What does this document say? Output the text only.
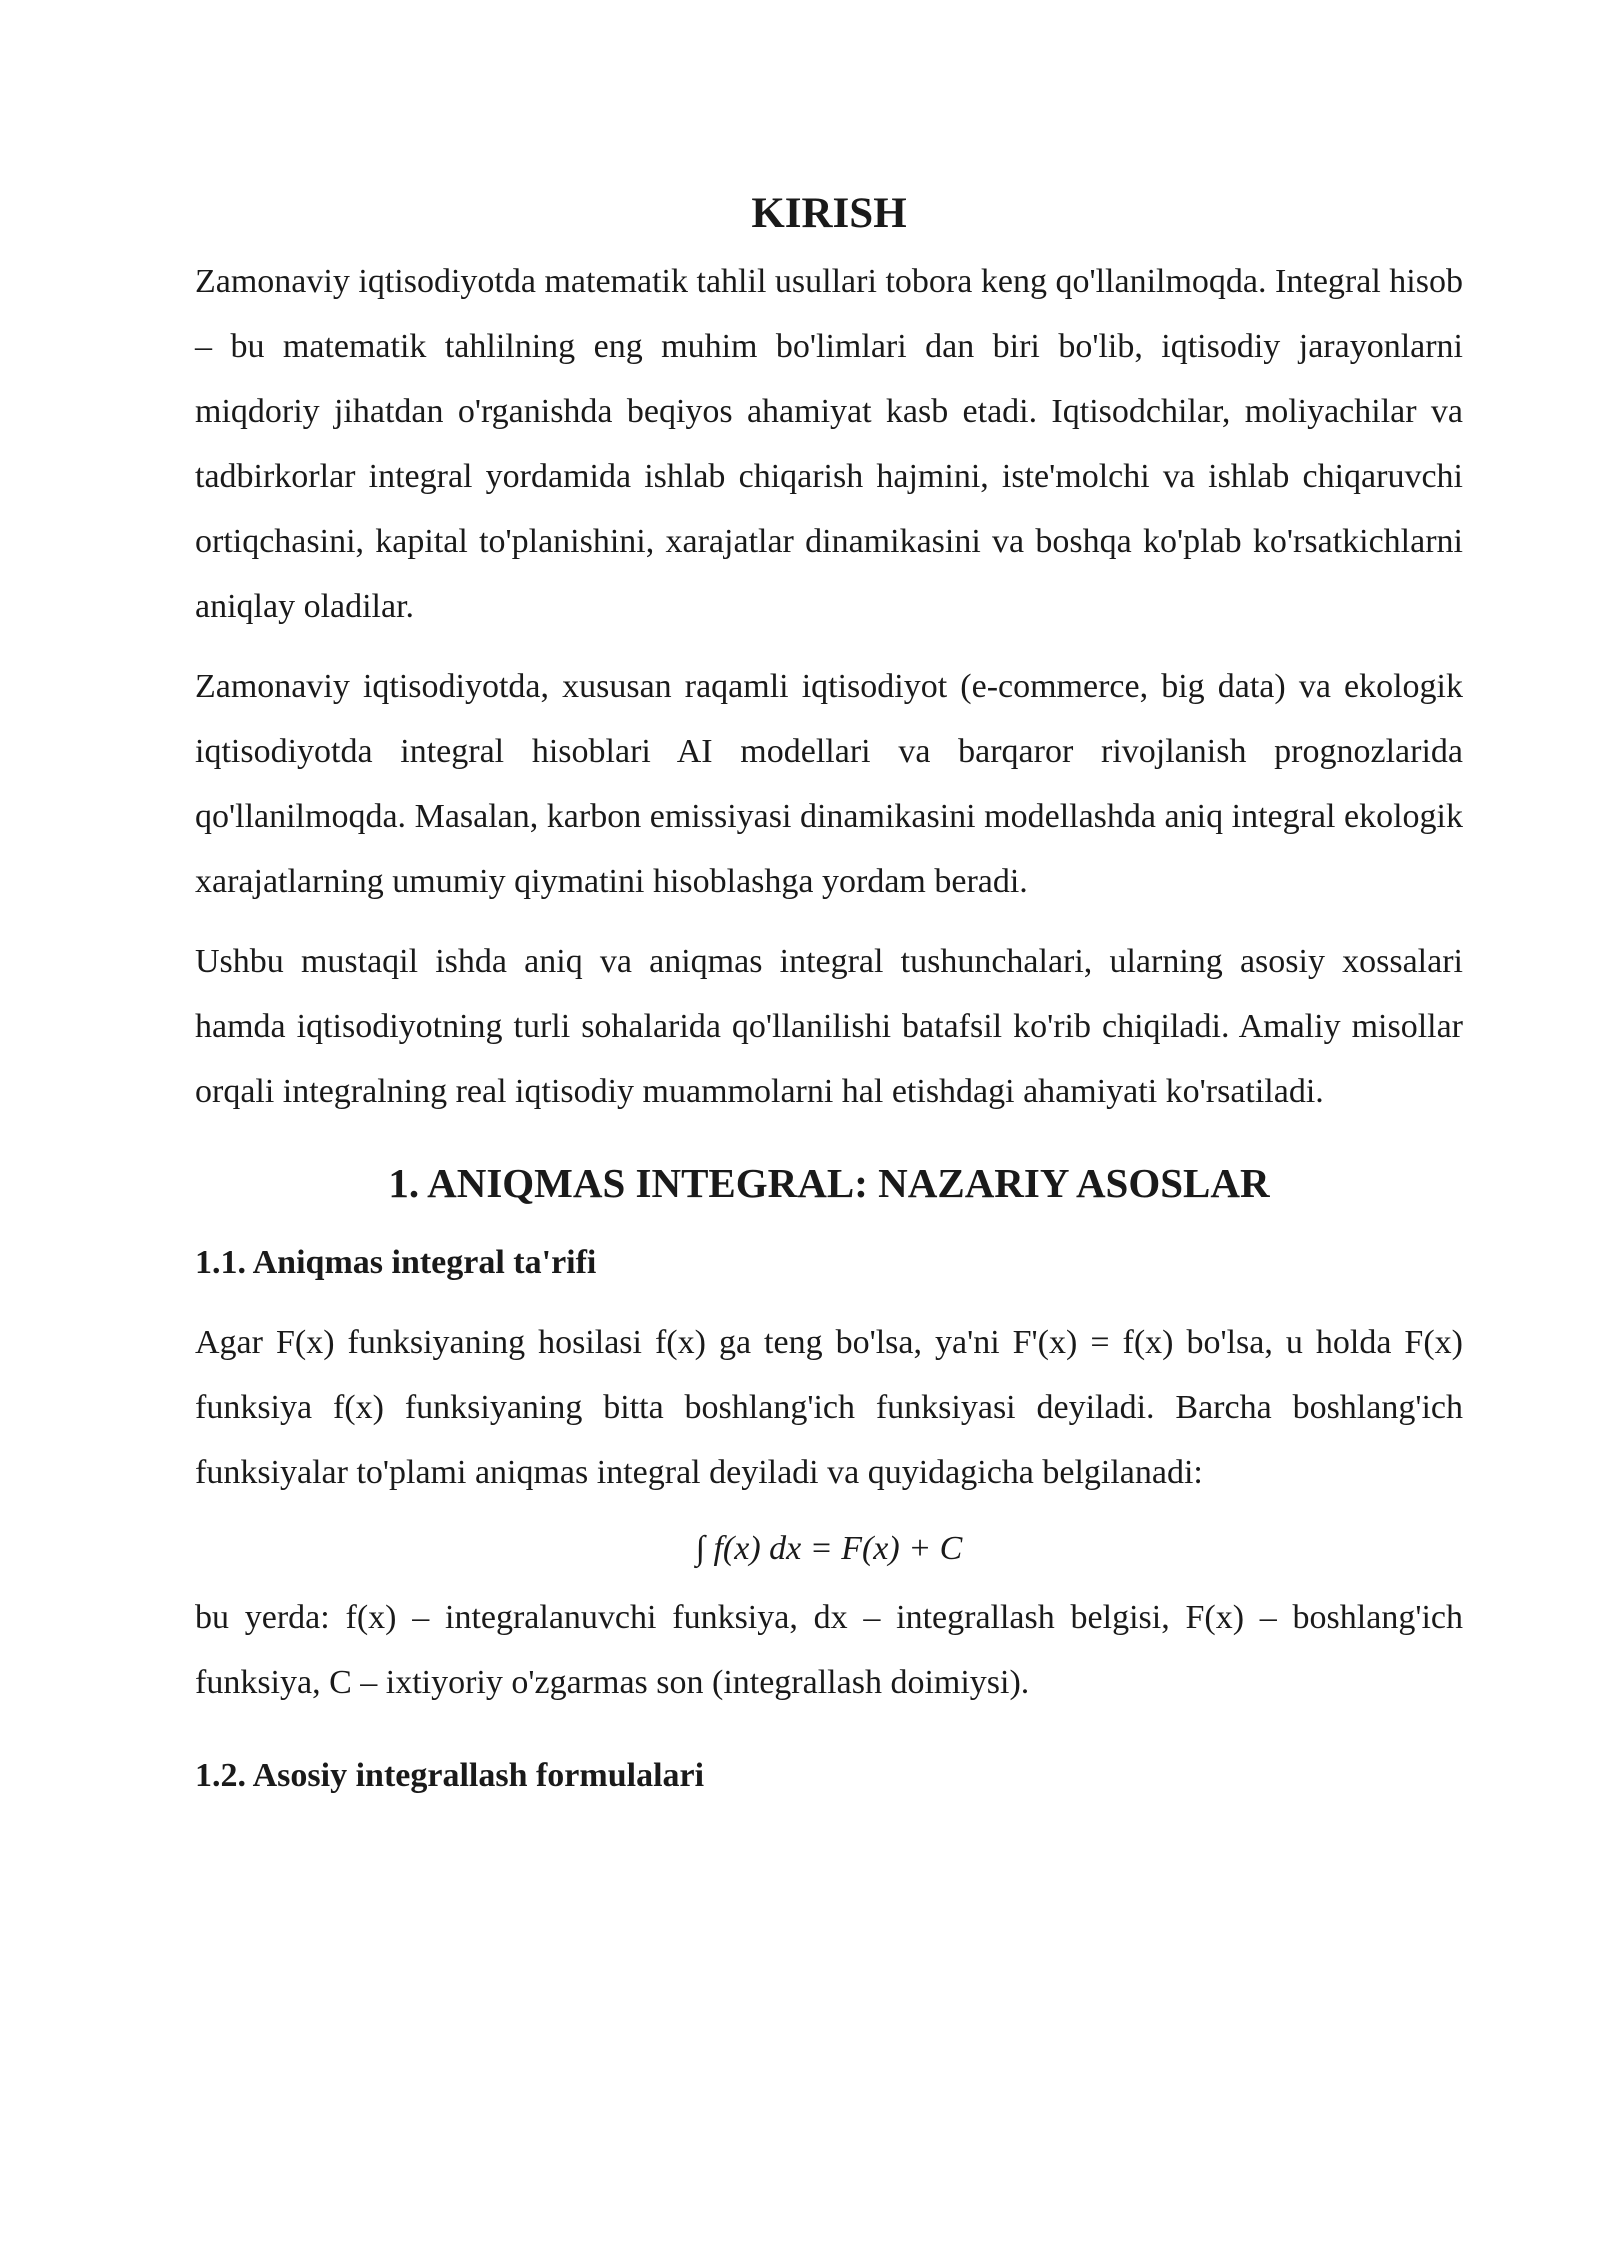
KIRISH

Zamonaviy iqtisodiyotda matematik tahlil usullari tobora keng qo'llanilmoqda. Integral hisob – bu matematik tahlilning eng muhim bo'limlari dan biri bo'lib, iqtisodiy jarayonlarni miqdoriy jihatdan o'rganishda beqiyos ahamiyat kasb etadi. Iqtisodchilar, moliyachilar va tadbirkorlar integral yordamida ishlab chiqarish hajmini, iste'molchi va ishlab chiqaruvchi ortiqchasini, kapital to'planishini, xarajatlar dinamikasini va boshqa ko'plab ko'rsatkichlarni aniqlay oladilar.

Zamonaviy iqtisodiyotda, xususan raqamli iqtisodiyot (e-commerce, big data) va ekologik iqtisodiyotda integral hisoblari AI modellari va barqaror rivojlanish prognozlarida qo'llanilmoqda. Masalan, karbon emissiyasi dinamikasini modellashda aniq integral ekologik xarajatlarning umumiy qiymatini hisoblashga yordam beradi.

Ushbu mustaqil ishda aniq va aniqmas integral tushunchalari, ularning asosiy xossalari hamda iqtisodiyotning turli sohalarida qo'llanilishi batafsil ko'rib chiqiladi. Amaliy misollar orqali integralning real iqtisodiy muammolarni hal etishdagi ahamiyati ko'rsatiladi.

1. ANIQMAS INTEGRAL: NAZARIY ASOSLAR
1.1. Aniqmas integral ta'rifi

Agar F(x) funksiyaning hosilasi f(x) ga teng bo'lsa, ya'ni F'(x) = f(x) bo'lsa, u holda F(x) funksiya f(x) funksiyaning bitta boshlang'ich funksiyasi deyiladi. Barcha boshlang'ich funksiyalar to'plami aniqmas integral deyiladi va quyidagicha belgilanadi:

∫ f(x) dx = F(x) + C

bu yerda: f(x) – integralanuvchi funksiya, dx – integrallash belgisi, F(x) – boshlang'ich funksiya, C – ixtiyoriy o'zgarmas son (integrallash doimiysi).

1.2. Asosiy integrallash formulalari
